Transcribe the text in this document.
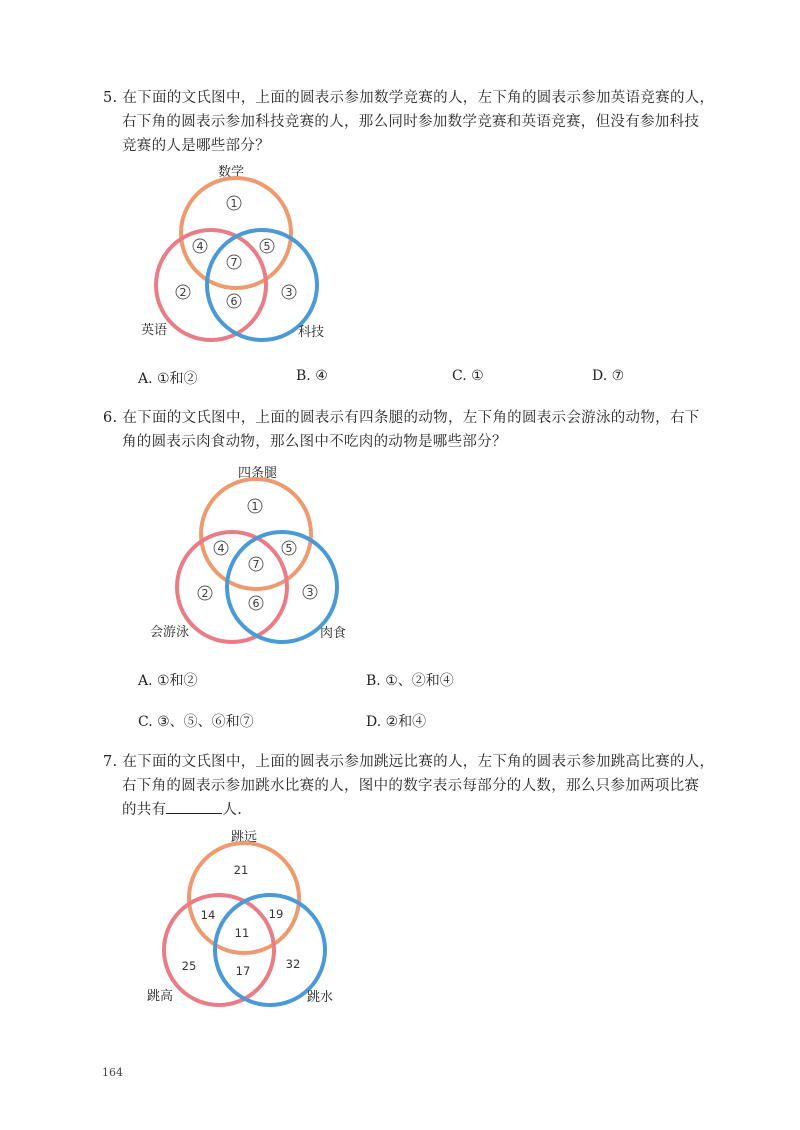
5. 在下面的文氏图中，上面的圆表示参加数学竞赛的人，左下角的圆表示参加英语竞赛的人，
右下角的圆表示参加科技竞赛的人，那么同时参加数学竞赛和英语竞赛，但没有参加科技
竞赛的人是哪些部分？

数学
英语	科技
1
2	3
4	5
6
7
A. ①和②	B. ④	C. ①	D. ⑦

6. 在下面的文氏图中，上面的圆表示有四条腿的动物，左下角的圆表示会游泳的动物，右下
角的圆表示肉食动物，那么图中不吃肉的动物是哪些部分？

四条腿
会游泳	肉食
1
2	3
4	5
6
7
A. ①和②	B. ①、②和④
C. ③、⑤、⑥和⑦	D. ②和④

7. 在下面的文氏图中，上面的圆表示参加跳远比赛的人，左下角的圆表示参加跳高比赛的人，
右下角的圆表示参加跳水比赛的人，图中的数字表示每部分的人数，那么只参加两项比赛
的共有	人.

跳远
跳高	跳水
21
25	32
14	19
17
11
164
